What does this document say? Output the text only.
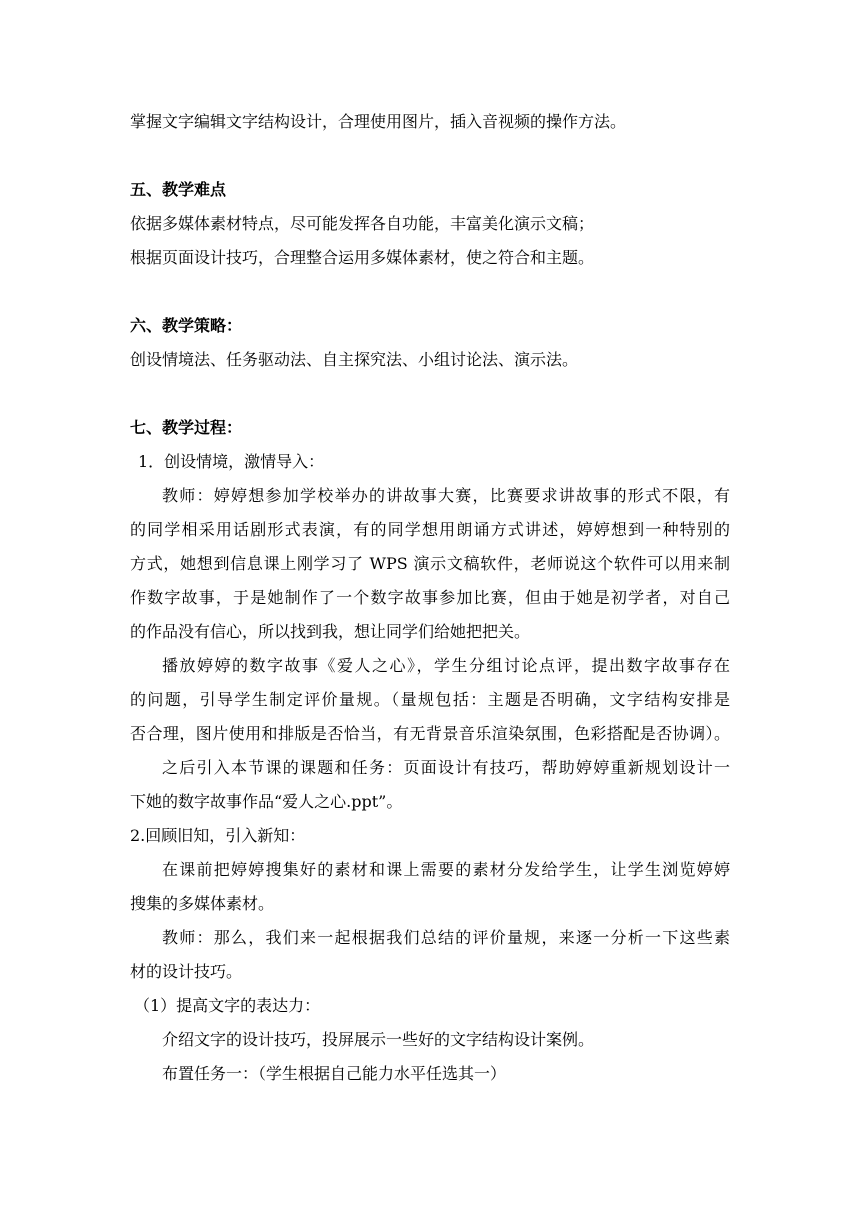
掌握文字编辑文字结构设计，合理使用图片，插入音视频的操作方法。
五、教学难点
依据多媒体素材特点，尽可能发挥各自功能，丰富美化演示文稿；
根据页面设计技巧，合理整合运用多媒体素材，使之符合和主题。
六、教学策略：
创设情境法、任务驱动法、自主探究法、小组讨论法、演示法。
七、教学过程：
1．创设情境，激情导入：
教师：婷婷想参加学校举办的讲故事大赛，比赛要求讲故事的形式不限，有
的同学相采用话剧形式表演，有的同学想用朗诵方式讲述，婷婷想到一种特别的
方式，她想到信息课上刚学习了 WPS 演示文稿软件，老师说这个软件可以用来制
作数字故事，于是她制作了一个数字故事参加比赛，但由于她是初学者，对自己
的作品没有信心，所以找到我，想让同学们给她把把关。
播放婷婷的数字故事《爱人之心》，学生分组讨论点评，提出数字故事存在
的问题，引导学生制定评价量规。（量规包括：主题是否明确，文字结构安排是
否合理，图片使用和排版是否恰当，有无背景音乐渲染氛围，色彩搭配是否协调）。
之后引入本节课的课题和任务：页面设计有技巧，帮助婷婷重新规划设计一
下她的数字故事作品“爱人之心.ppt”。
2.回顾旧知，引入新知：
在课前把婷婷搜集好的素材和课上需要的素材分发给学生，让学生浏览婷婷
搜集的多媒体素材。
教师：那么，我们来一起根据我们总结的评价量规，来逐一分析一下这些素
材的设计技巧。
（1）提高文字的表达力：
介绍文字的设计技巧，投屏展示一些好的文字结构设计案例。
布置任务一：（学生根据自己能力水平任选其一）
